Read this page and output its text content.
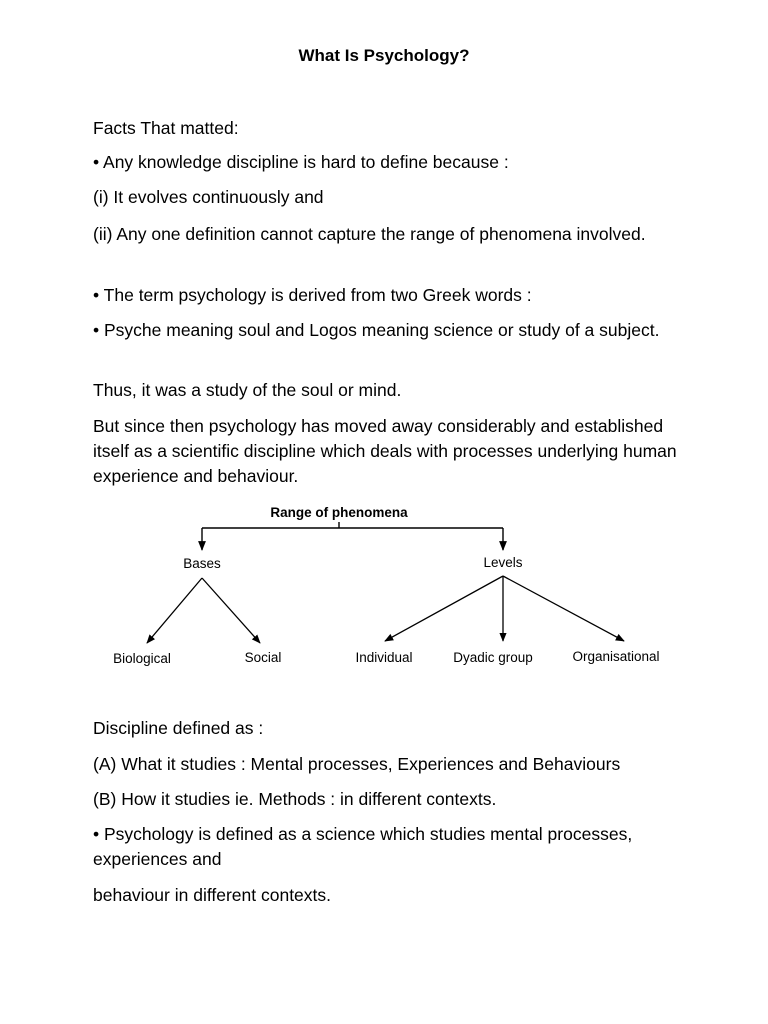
What Is Psychology?

Facts That matted:

• Any knowledge discipline is hard to define because :

(i) It evolves continuously and

(ii) Any one definition cannot capture the range of phenomena involved.

• The term psychology is derived from two Greek words :

• Psyche meaning soul and Logos meaning science or study of a subject.

Thus, it was a study of the soul or mind.

But since then psychology has moved away considerably and established itself as a scientific discipline which deals with processes underlying human experience and behaviour.

Range of phenomena
Bases	Levels
Biological	Social	Individual	Dyadic group	Organisational

Discipline defined as :

(A) What it studies : Mental processes, Experiences and Behaviours

(B) How it studies ie. Methods : in different contexts.

• Psychology is defined as a science which studies mental processes, experiences and

behaviour in different contexts.
